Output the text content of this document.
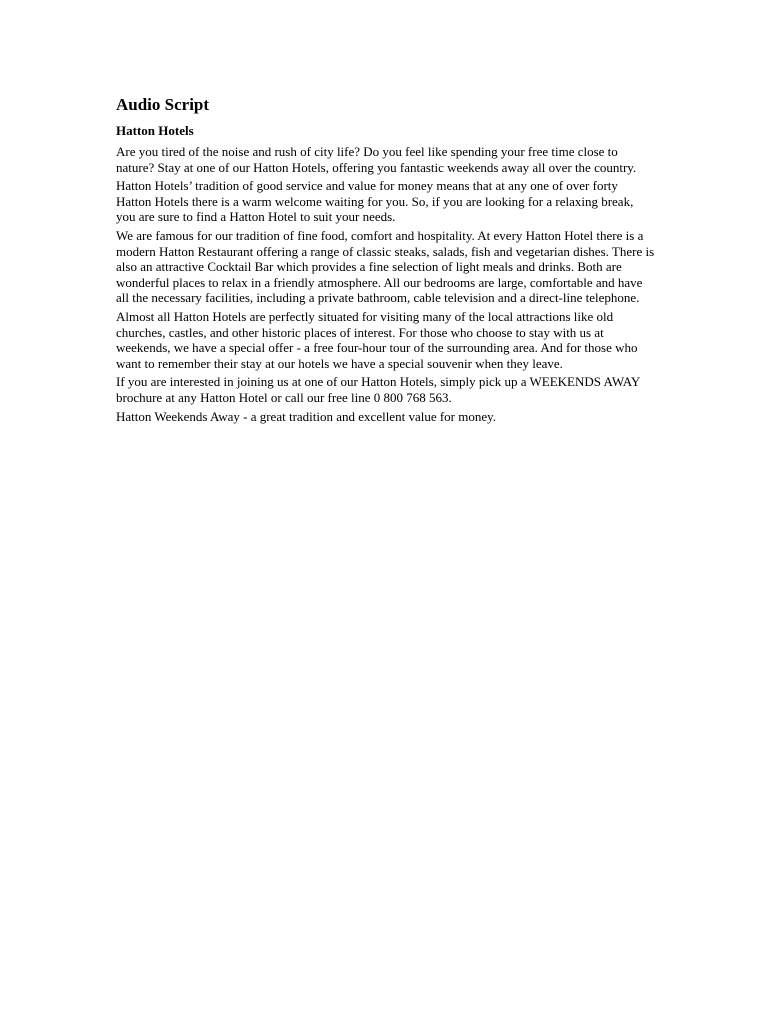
Audio Script
Hatton Hotels

Are you tired of the noise and rush of city life? Do you feel like spending your free time close to nature? Stay at one of our Hatton Hotels, offering you fantastic weekends away all over the country.

Hatton Hotels’ tradition of good service and value for money means that at any one of over forty Hatton Hotels there is a warm welcome waiting for you. So, if you are looking for a relaxing break, you are sure to find a Hatton Hotel to suit your needs.

We are famous for our tradition of fine food, comfort and hospitality. At every Hatton Hotel there is a modern Hatton Restaurant offering a range of classic steaks, salads, fish and vegetarian dishes. There is also an attractive Cocktail Bar which provides a fine selection of light meals and drinks. Both are wonderful places to relax in a friendly atmosphere. All our bedrooms are large, comfortable and have all the necessary facilities, including a private bathroom, cable television and a direct-line telephone.

Almost all Hatton Hotels are perfectly situated for visiting many of the local attractions like old churches, castles, and other historic places of interest. For those who choose to stay with us at weekends, we have a special offer - a free four-hour tour of the surrounding area. And for those who want to remember their stay at our hotels we have a special souvenir when they leave.

If you are interested in joining us at one of our Hatton Hotels, simply pick up a WEEKENDS AWAY brochure at any Hatton Hotel or call our free line 0 800 768 563.

Hatton Weekends Away - a great tradition and excellent value for money.
